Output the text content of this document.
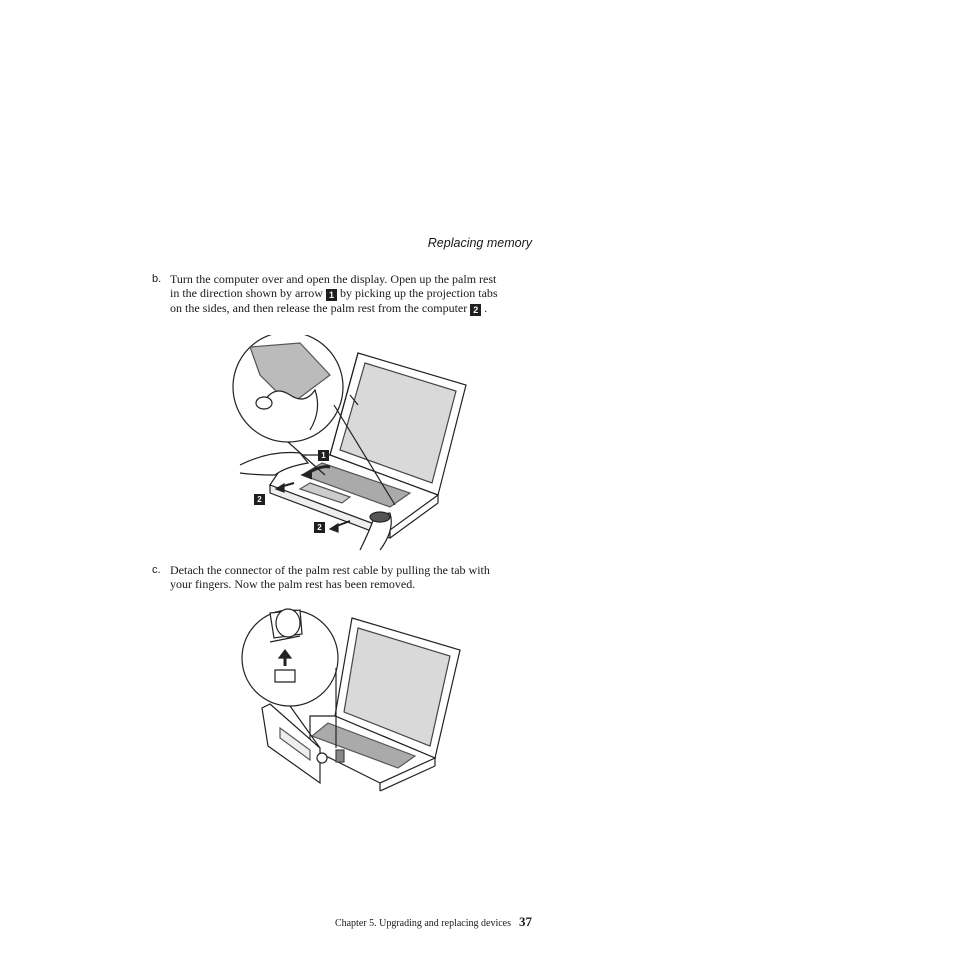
Replacing memory
b. Turn the computer over and open the display. Open up the palm rest
in the direction shown by arrow 1 by picking up the projection tabs
on the sides, and then release the palm rest from the computer 2 .
1
2
2
c. Detach the connector of the palm rest cable by pulling the tab with
your fingers. Now the palm rest has been removed.
Chapter 5. Upgrading and replacing devices 37
